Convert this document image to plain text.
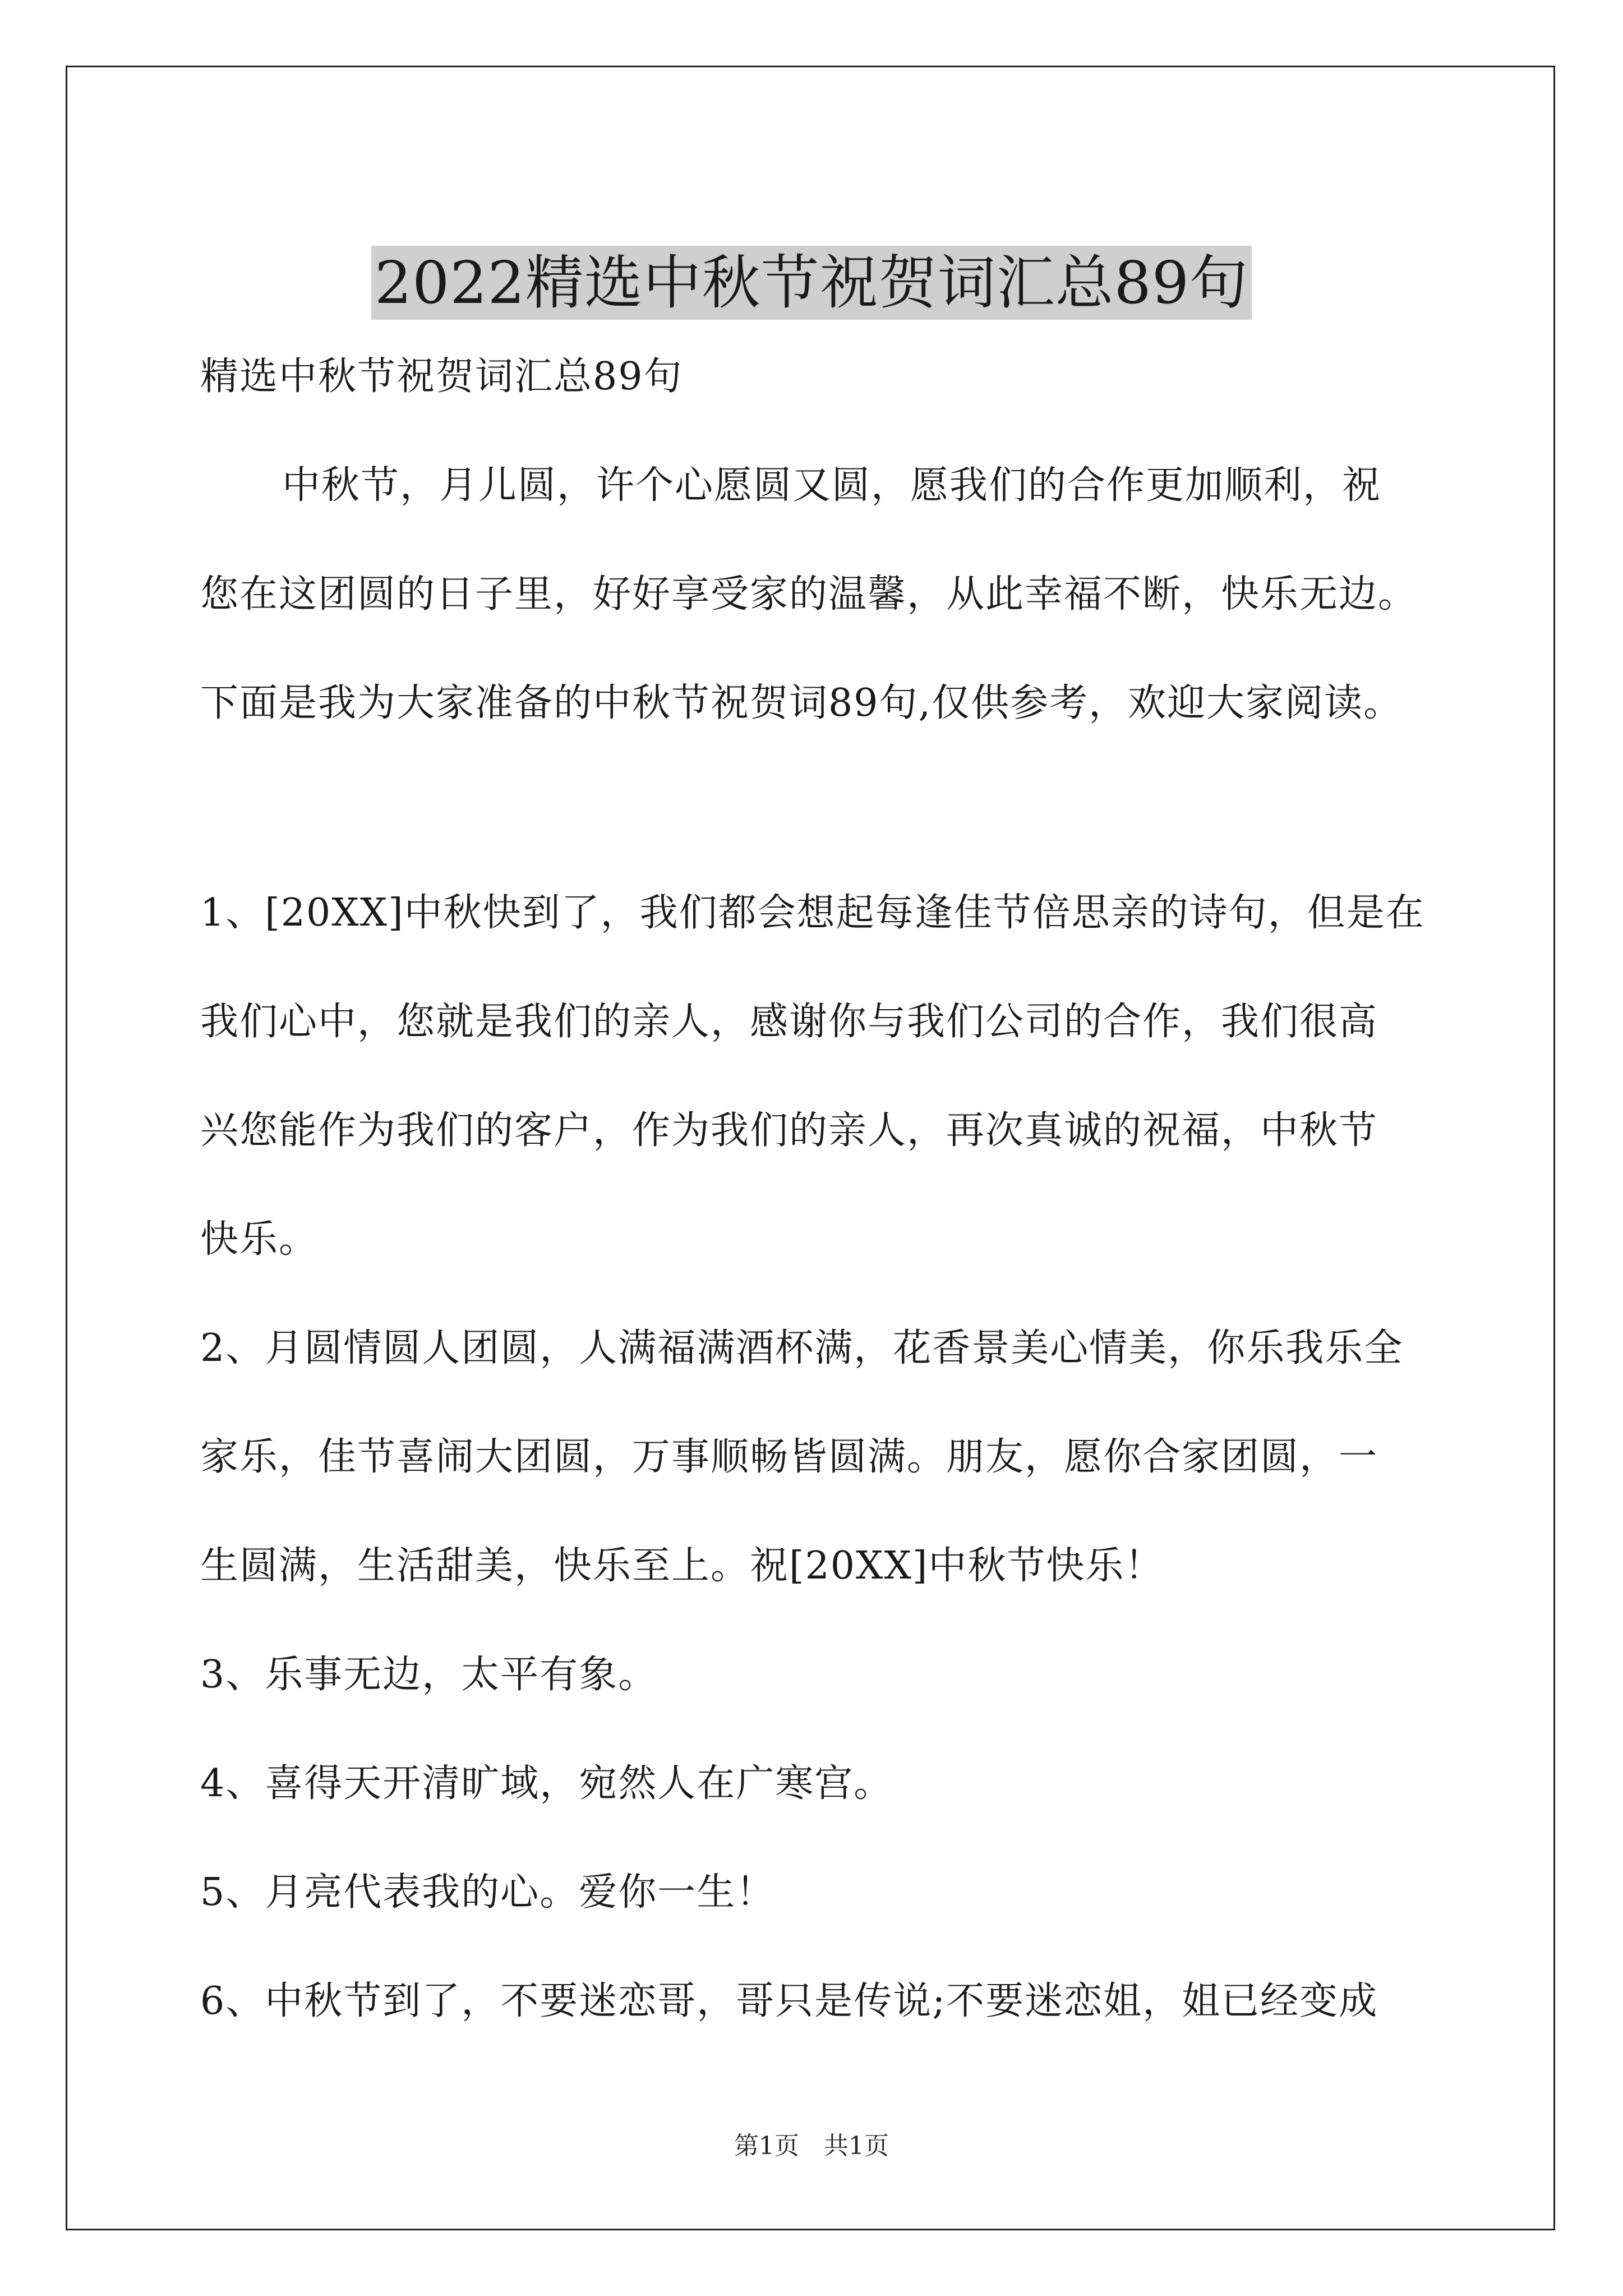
2022精选中秋节祝贺词汇总89句
精选中秋节祝贺词汇总89句
中秋节，月儿圆，许个心愿圆又圆，愿我们的合作更加顺利，祝
您在这团圆的日子里，好好享受家的温馨，从此幸福不断，快乐无边。
下面是我为大家准备的中秋节祝贺词89句,仅供参考，欢迎大家阅读。
1、[20XX]中秋快到了，我们都会想起每逢佳节倍思亲的诗句，但是在
我们心中，您就是我们的亲人，感谢你与我们公司的合作，我们很高
兴您能作为我们的客户，作为我们的亲人，再次真诚的祝福，中秋节
快乐。
2、月圆情圆人团圆，人满福满酒杯满，花香景美心情美，你乐我乐全
家乐，佳节喜闹大团圆，万事顺畅皆圆满。朋友，愿你合家团圆，一
生圆满，生活甜美，快乐至上。祝[20XX]中秋节快乐！
3、乐事无边，太平有象。
4、喜得天开清旷域，宛然人在广寒宫。
5、月亮代表我的心。爱你一生！
6、中秋节到了，不要迷恋哥，哥只是传说;不要迷恋姐，姐已经变成
第1页 共1页
